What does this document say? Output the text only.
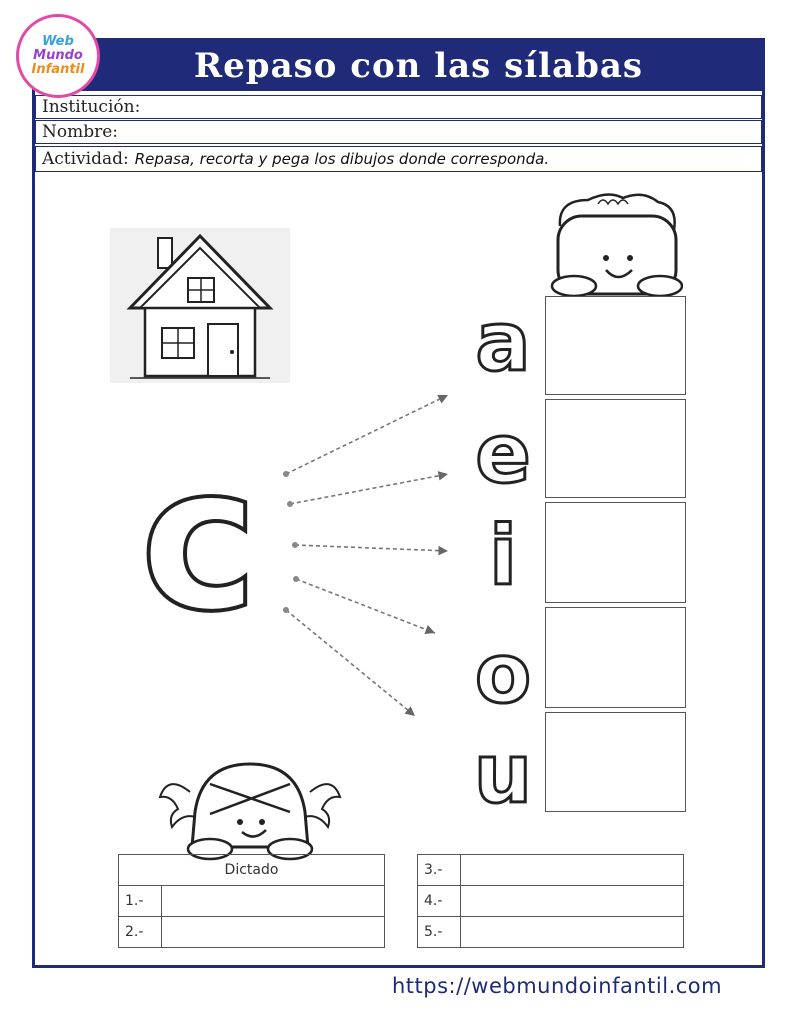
Repaso con las sílabas
Web
Mundo
Infantil
Institución:
Nombre:
Actividad: Repasa, recorta y pega los dibujos donde corresponda.
c
a
e
i
o
u
Dictado	
1.-	
2.-	
3.-	
4.-	
5.-	
https://webmundoinfantil.com
